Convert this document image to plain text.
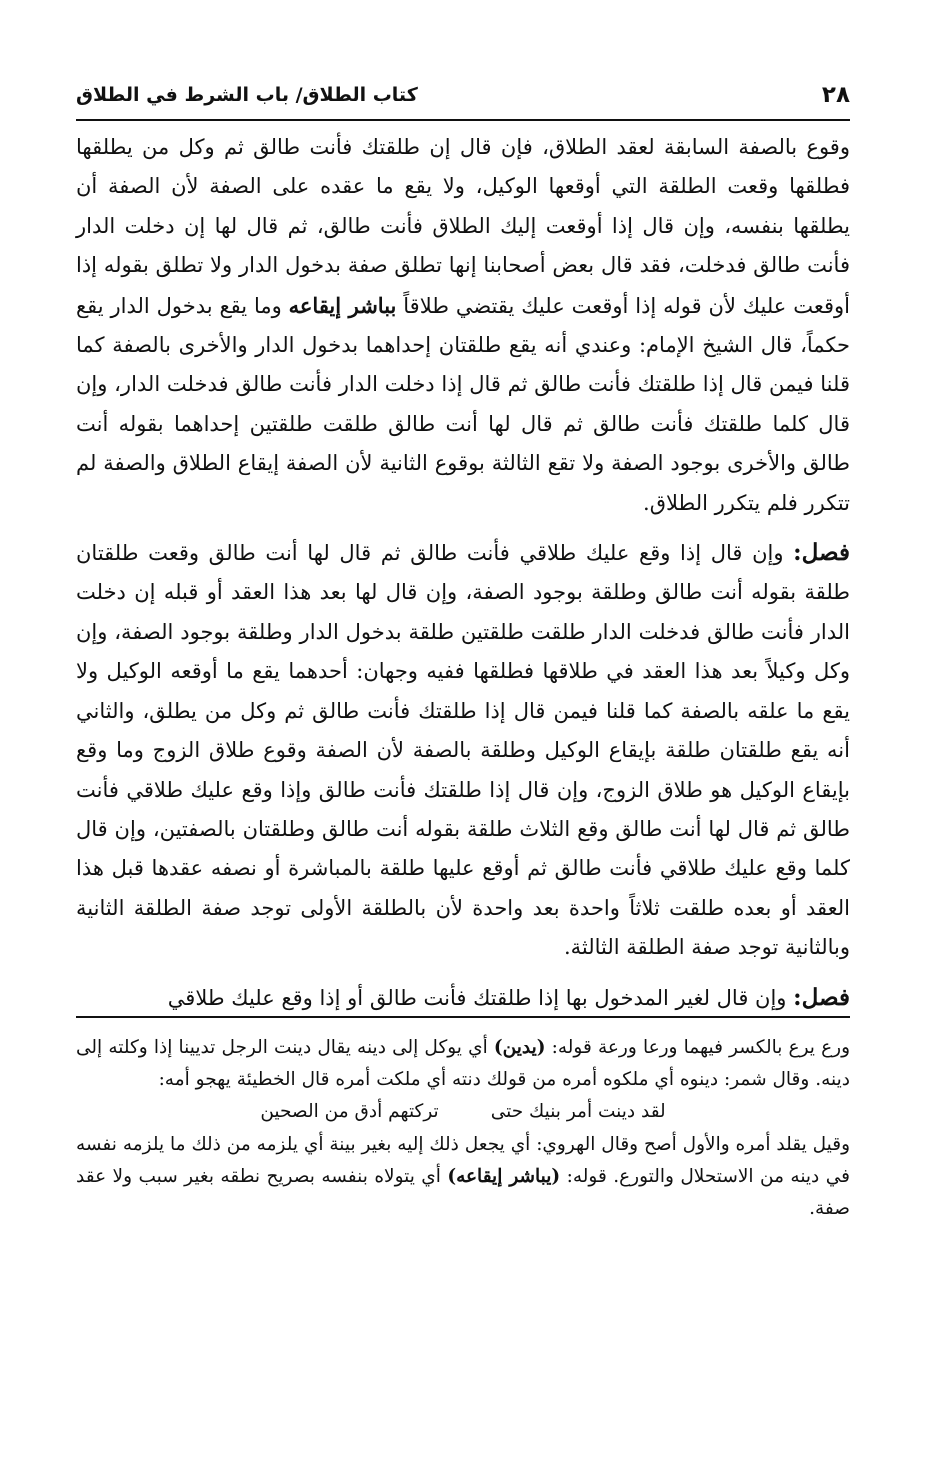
٢٨
كتاب الطلاق/ باب الشرط في الطلاق

وقوع بالصفة السابقة لعقد الطلاق، فإن قال إن طلقتك فأنت طالق ثم وكل من يطلقها فطلقها وقعت الطلقة التي أوقعها الوكيل، ولا يقع ما عقده على الصفة لأن الصفة أن يطلقها بنفسه، وإن قال إذا أوقعت إليك الطلاق فأنت طالق، ثم قال لها إن دخلت الدار فأنت طالق فدخلت، فقد قال بعض أصحابنا إنها تطلق صفة بدخول الدار ولا تطلق بقوله إذا أوقعت عليك لأن قوله إذا أوقعت عليك يقتضي طلاقاً بباشر إيقاعه وما يقع بدخول الدار يقع حكماً، قال الشيخ الإمام: وعندي أنه يقع طلقتان إحداهما بدخول الدار والأخرى بالصفة كما قلنا فيمن قال إذا طلقتك فأنت طالق ثم قال إذا دخلت الدار فأنت طالق فدخلت الدار، وإن قال كلما طلقتك فأنت طالق ثم قال لها أنت طالق طلقت طلقتين إحداهما بقوله أنت طالق والأخرى بوجود الصفة ولا تقع الثالثة بوقوع الثانية لأن الصفة إيقاع الطلاق والصفة لم تتكرر فلم يتكرر الطلاق.

فصل: وإن قال إذا وقع عليك طلاقي فأنت طالق ثم قال لها أنت طالق وقعت طلقتان طلقة بقوله أنت طالق وطلقة بوجود الصفة، وإن قال لها بعد هذا العقد أو قبله إن دخلت الدار فأنت طالق فدخلت الدار طلقت طلقتين طلقة بدخول الدار وطلقة بوجود الصفة، وإن وكل وكيلاً بعد هذا العقد في طلاقها فطلقها ففيه وجهان: أحدهما يقع ما أوقعه الوكيل ولا يقع ما علقه بالصفة كما قلنا فيمن قال إذا طلقتك فأنت طالق ثم وكل من يطلق، والثاني أنه يقع طلقتان طلقة بإيقاع الوكيل وطلقة بالصفة لأن الصفة وقوع طلاق الزوج وما وقع بإيقاع الوكيل هو طلاق الزوج، وإن قال إذا طلقتك فأنت طالق وإذا وقع عليك طلاقي فأنت طالق ثم قال لها أنت طالق وقع الثلاث طلقة بقوله أنت طالق وطلقتان بالصفتين، وإن قال كلما وقع عليك طلاقي فأنت طالق ثم أوقع عليها طلقة بالمباشرة أو نصفه عقدها قبل هذا العقد أو بعده طلقت ثلاثاً واحدة بعد واحدة لأن بالطلقة الأولى توجد صفة الطلقة الثانية وبالثانية توجد صفة الطلقة الثالثة.

فصل: وإن قال لغير المدخول بها إذا طلقتك فأنت طالق أو إذا وقع عليك طلاقي

ورع يرع بالكسر فيهما ورعا ورعة قوله: (يدين) أي يوكل إلى دينه يقال دينت الرجل تديينا إذا وكلته إلى دينه. وقال شمر: دينوه أي ملكوه أمره من قولك دنته أي ملكت أمره قال الخطيئة يهجو أمه:

لقد دينت أمر بنيك حتى
تركتهم أدق من الصحين

وقيل يقلد أمره والأول أصح وقال الهروي: أي يجعل ذلك إليه بغير بينة أي يلزمه من ذلك ما يلزمه نفسه في دينه من الاستحلال والتورع. قوله: (يباشر إيقاعه) أي يتولاه بنفسه بصريح نطقه بغير سبب ولا عقد صفة.
